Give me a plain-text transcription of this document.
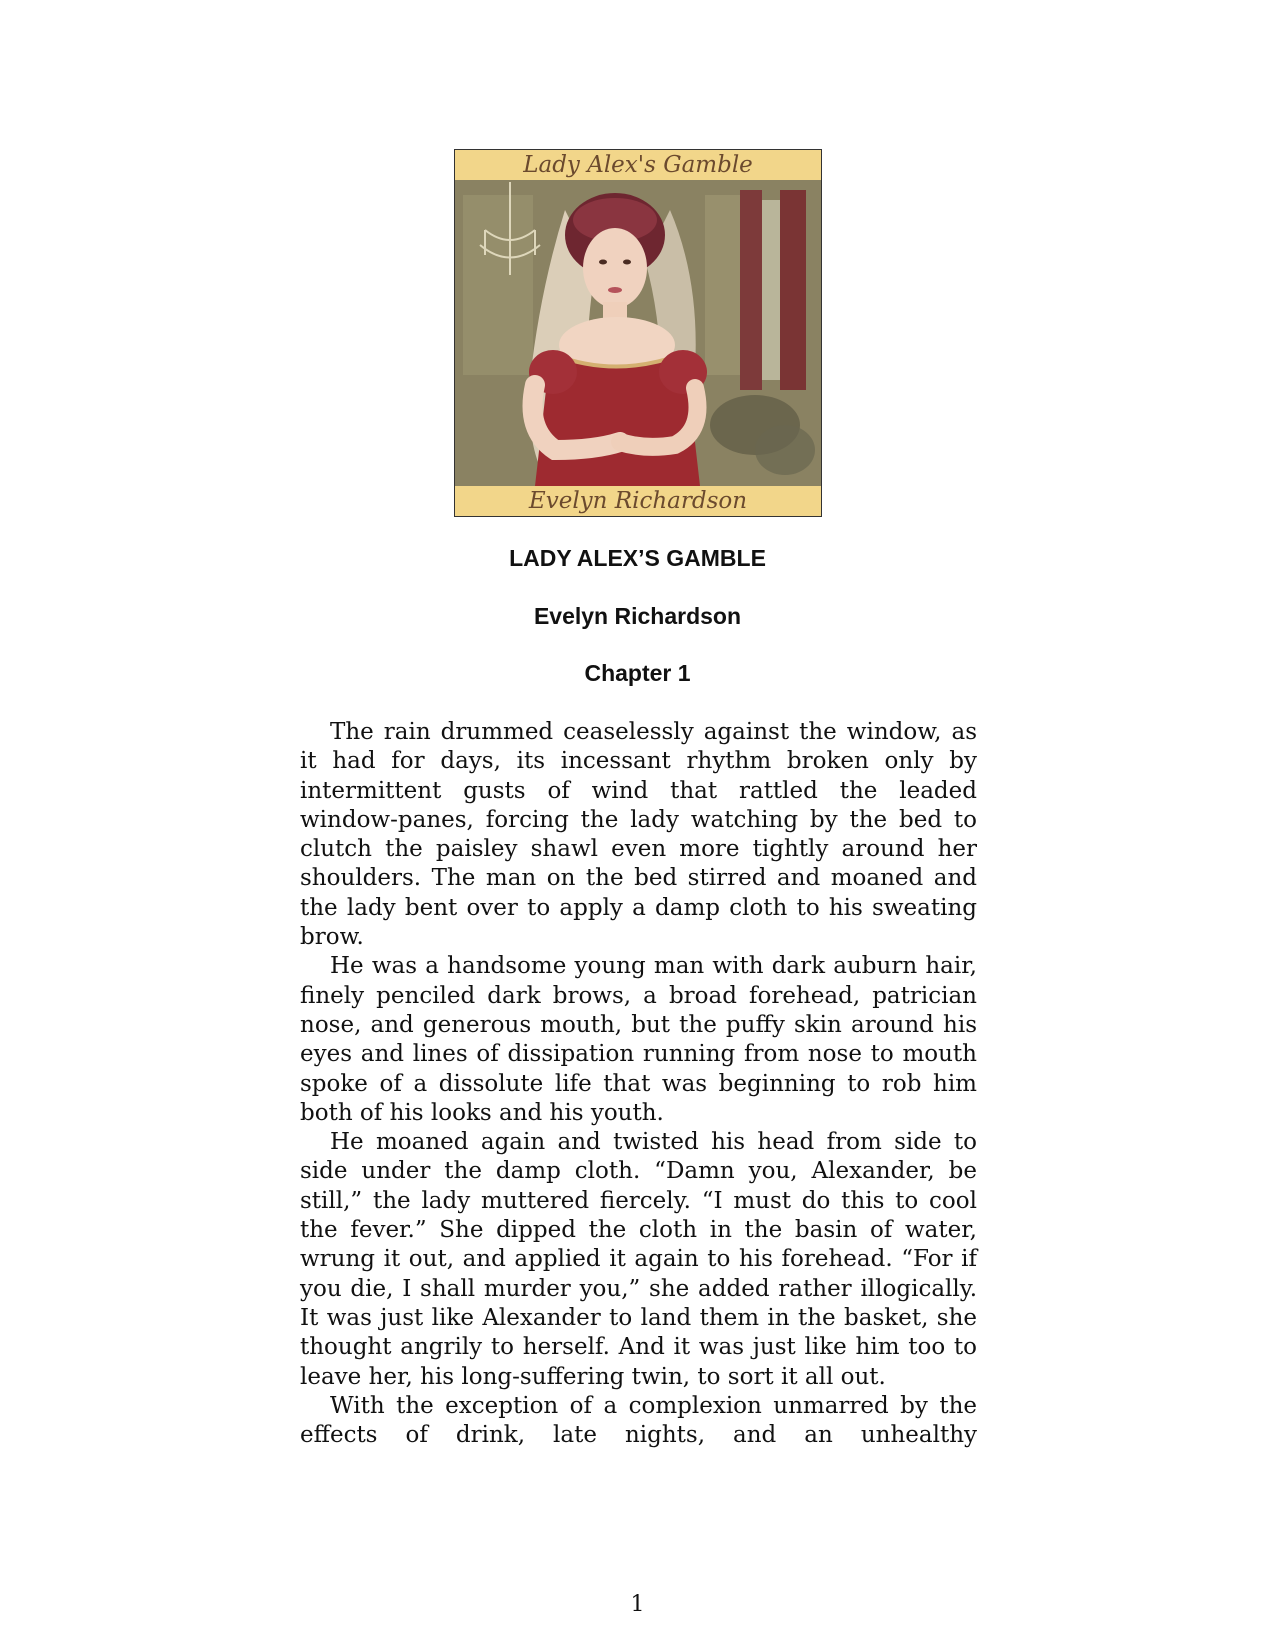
Lady Alex's Gamble
Evelyn Richardson
LADY ALEX’S GAMBLE
Evelyn Richardson
Chapter 1

The rain drummed ceaselessly against the window, as it had for days, its incessant rhythm broken only by intermittent gusts of wind that rattled the leaded window-panes, forcing the lady watching by the bed to clutch the paisley shawl even more tightly around her shoulders. The man on the bed stirred and moaned and the lady bent over to apply a damp cloth to his sweating brow.

He was a handsome young man with dark auburn hair, finely penciled dark brows, a broad forehead, patrician nose, and generous mouth, but the puffy skin around his eyes and lines of dissipation running from nose to mouth spoke of a dissolute life that was beginning to rob him both of his looks and his youth.

He moaned again and twisted his head from side to side under the damp cloth. “Damn you, Alexander, be still,” the lady muttered fiercely. “I must do this to cool the fever.” She dipped the cloth in the basin of water, wrung it out, and applied it again to his forehead. “For if you die, I shall murder you,” she added rather illogically. It was just like Alexander to land them in the basket, she thought angrily to herself. And it was just like him too to leave her, his long-suffering twin, to sort it all out.

With the exception of a complexion unmarred by the effects of drink, late nights, and an unhealthy

1
